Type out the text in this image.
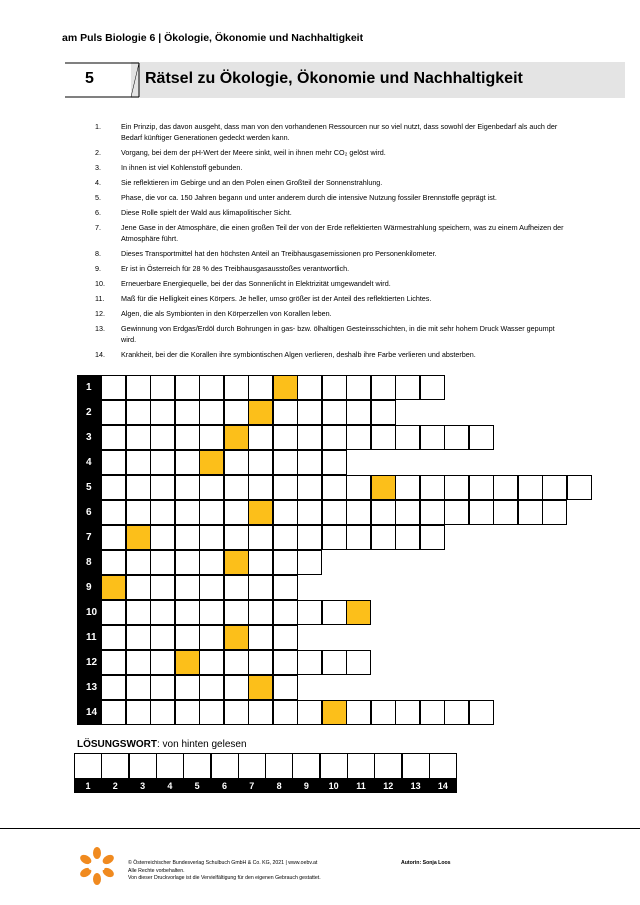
am Puls Biologie 6 | Ökologie, Ökonomie und Nachhaltigkeit
5	Rätsel zu Ökologie, Ökonomie und Nachhaltigkeit
1.	Ein Prinzip, das davon ausgeht, dass man von den vorhandenen Ressourcen nur so viel nutzt, dass sowohl der Eigenbedarf als auch der Bedarf künftiger Generationen gedeckt werden kann.
2.	Vorgang, bei dem der pH-Wert der Meere sinkt, weil in ihnen mehr CO₂ gelöst wird.
3.	In ihnen ist viel Kohlenstoff gebunden.
4.	Sie reflektieren im Gebirge und an den Polen einen Großteil der Sonnenstrahlung.
5.	Phase, die vor ca. 150 Jahren begann und unter anderem durch die intensive Nutzung fossiler Brennstoffe geprägt ist.
6.	Diese Rolle spielt der Wald aus klimapolitischer Sicht.
7.	Jene Gase in der Atmosphäre, die einen großen Teil der von der Erde reflektierten Wärmestrahlung speichern, was zu einem Aufheizen der Atmosphäre führt.
8.	Dieses Transportmittel hat den höchsten Anteil an Treibhausgasemissionen pro Personenkilometer.
9.	Er ist in Österreich für 28 % des Treibhausgasausstoßes verantwortlich.
10. Erneuerbare Energiequelle, bei der das Sonnenlicht in Elektrizität umgewandelt wird.
11. Maß für die Helligkeit eines Körpers. Je heller, umso größer ist der Anteil des reflektierten Lichtes.
12. Algen, die als Symbionten in den Körperzellen von Korallen leben.
13. Gewinnung von Erdgas/Erdöl durch Bohrungen in gas- bzw. ölhaltigen Gesteinsschichten, in die mit sehr hohem Druck Wasser gepumpt wird.
14. Krankheit, bei der die Korallen ihre symbiontischen Algen verlieren, deshalb ihre Farbe verlieren und absterben.
1
2
3
4
5
6
7
8
9
10
11
12
13
14
LÖSUNGSWORT: von hinten gelesen
1	2	3	4	5	6	7	8	9	10	11	12	13	14
öbv	© Österreichischer Bundesverlag Schulbuch GmbH & Co. KG, 2021 | www.oebv.at
Alle Rechte vorbehalten.
Von dieser Druckvorlage ist die Vervielfältigung für den eigenen Gebrauch gestattet.
Autorin: Sonja Loos
